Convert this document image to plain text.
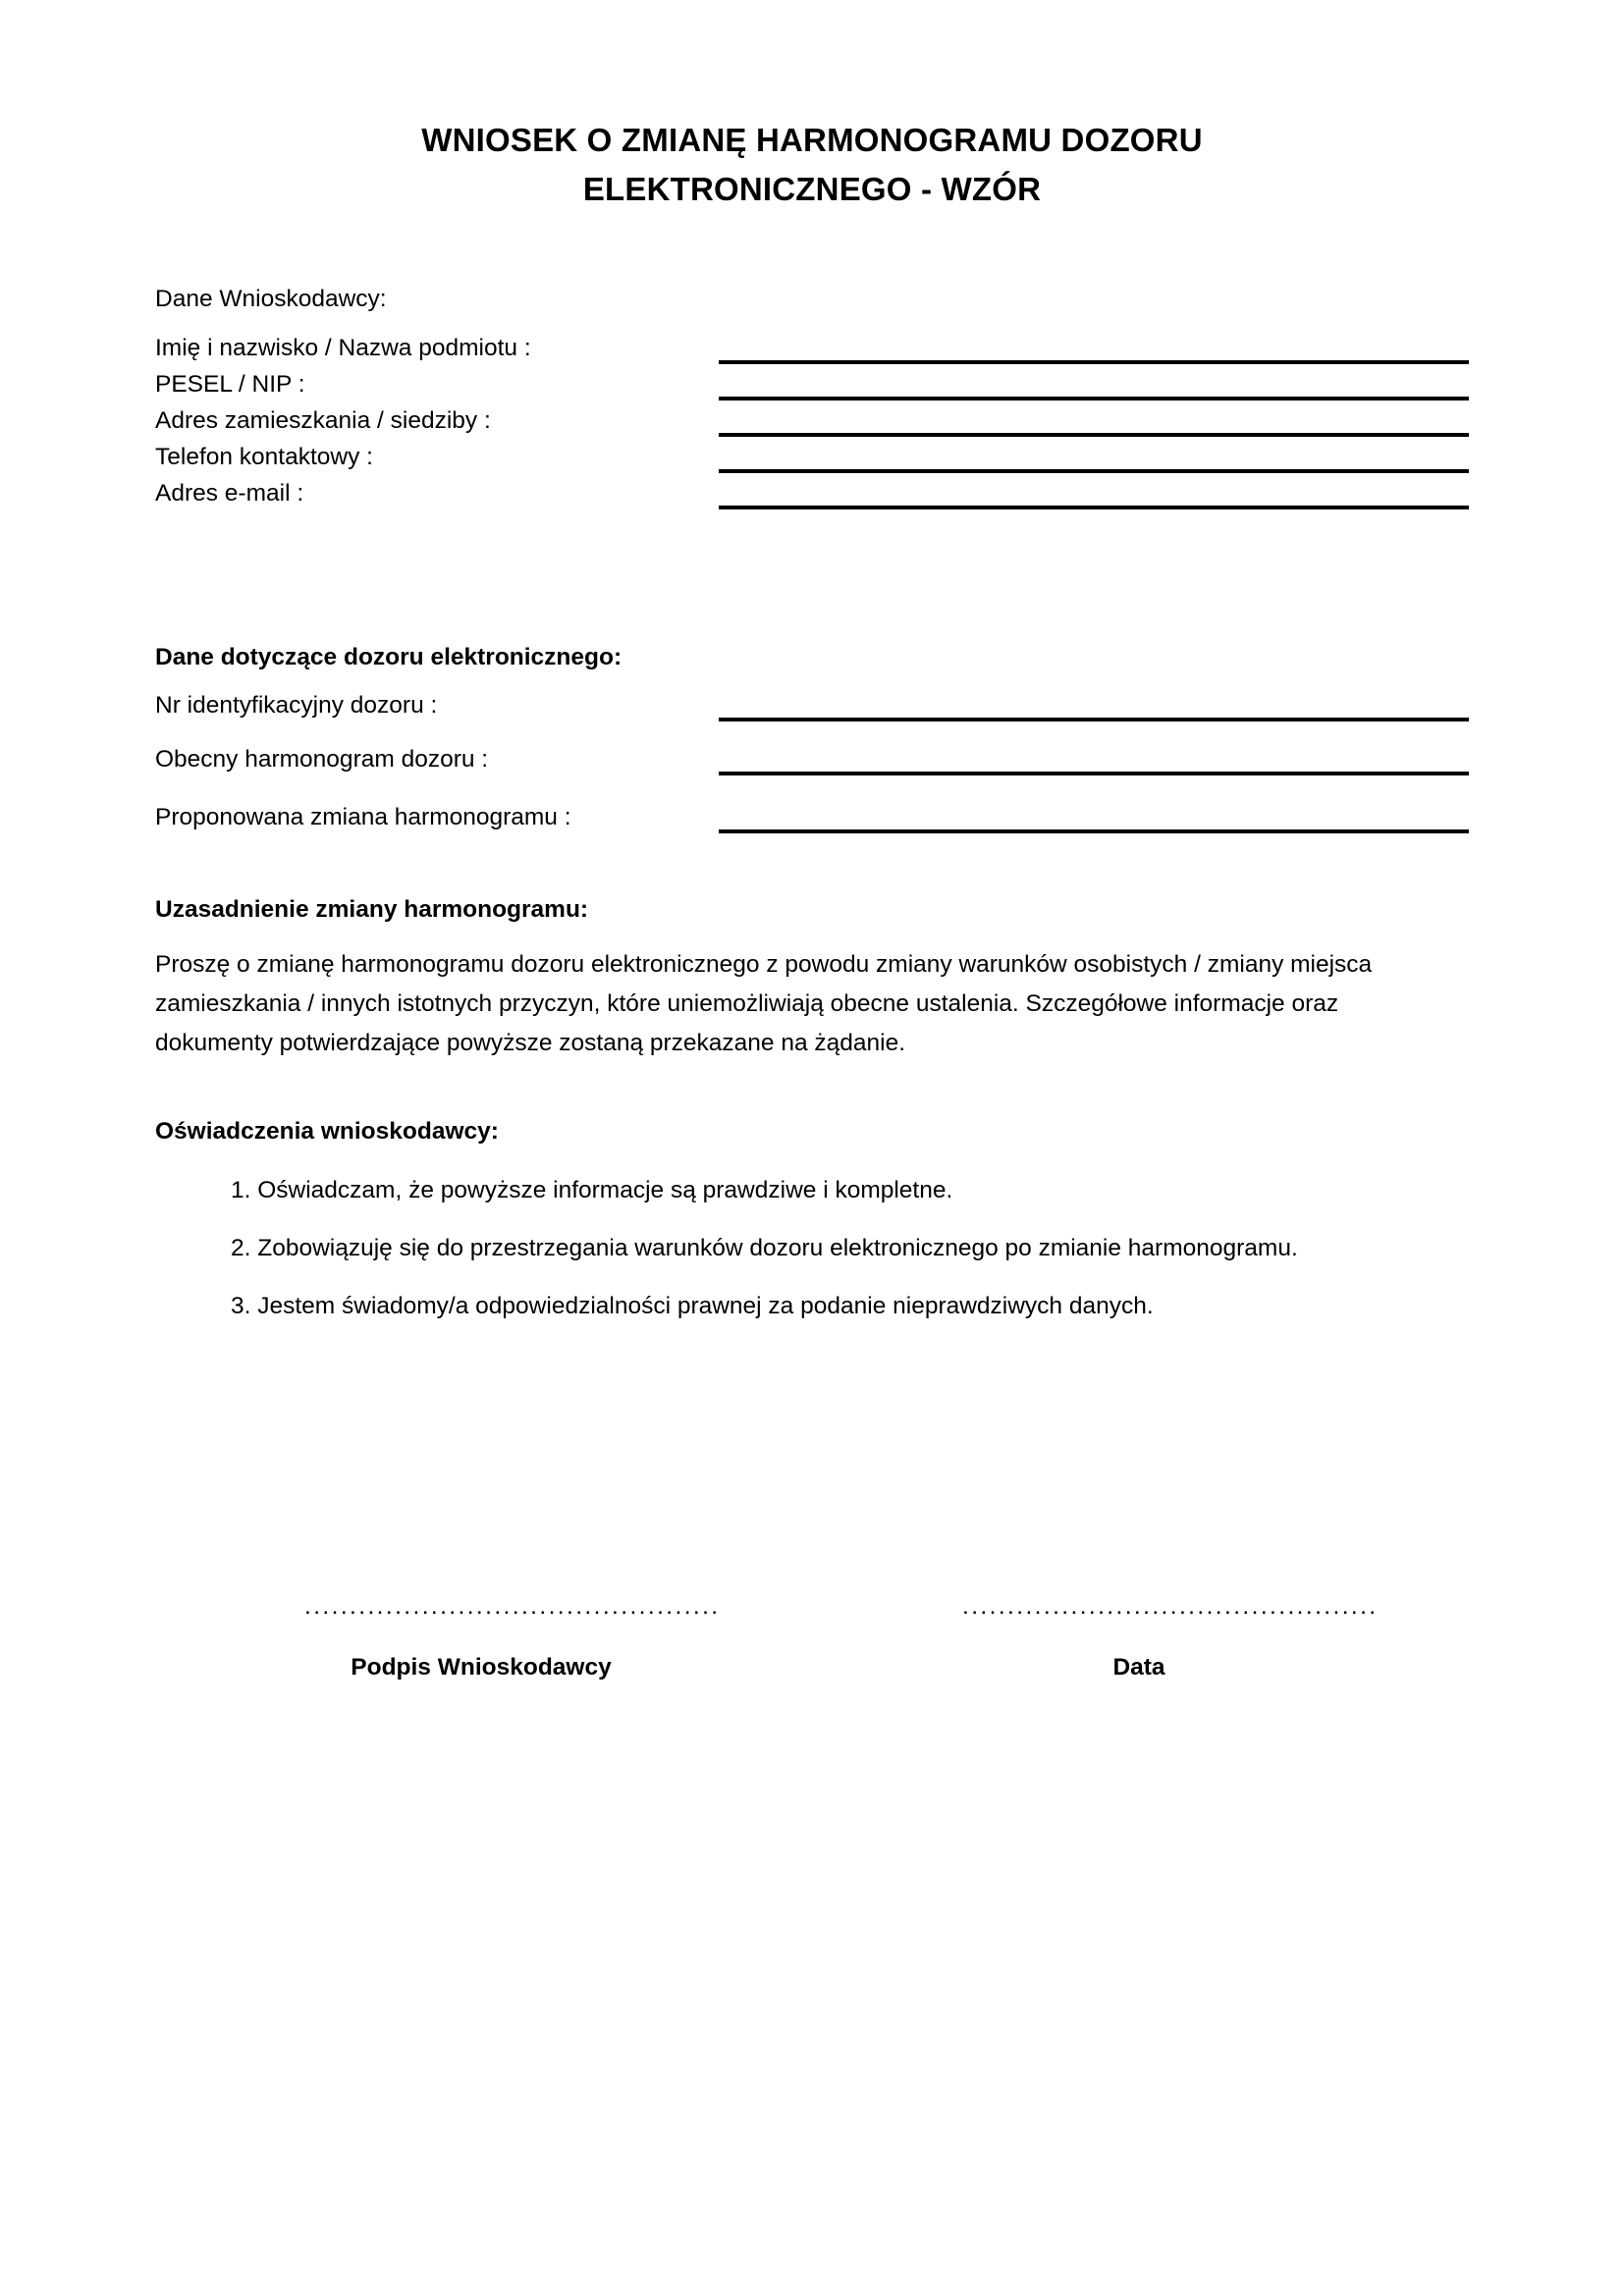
WNIOSEK O ZMIANĘ HARMONOGRAMU DOZORU
ELEKTRONICZNEGO - WZÓR
Dane Wnioskodawcy:
Imię i nazwisko / Nazwa podmiotu :
PESEL / NIP :
Adres zamieszkania / siedziby :
Telefon kontaktowy :
Adres e-mail :
Dane dotyczące dozoru elektronicznego:
Nr identyfikacyjny dozoru :
Obecny harmonogram dozoru :
Proponowana zmiana harmonogramu :
Uzasadnienie zmiany harmonogramu:
Proszę o zmianę harmonogramu dozoru elektronicznego z powodu zmiany warunków osobistych / zmiany miejsca zamieszkania / innych istotnych przyczyn, które uniemożliwiają obecne ustalenia. Szczegółowe informacje oraz dokumenty potwierdzające powyższe zostaną przekazane na żądanie.
Oświadczenia wnioskodawcy:
1. Oświadczam, że powyższe informacje są prawdziwe i kompletne.
2. Zobowiązuję się do przestrzegania warunków dozoru elektronicznego po zmianie harmonogramu.
3. Jestem świadomy/a odpowiedzialności prawnej za podanie nieprawdziwych danych.
..............................................
Podpis Wnioskodawcy
..............................................
Data
